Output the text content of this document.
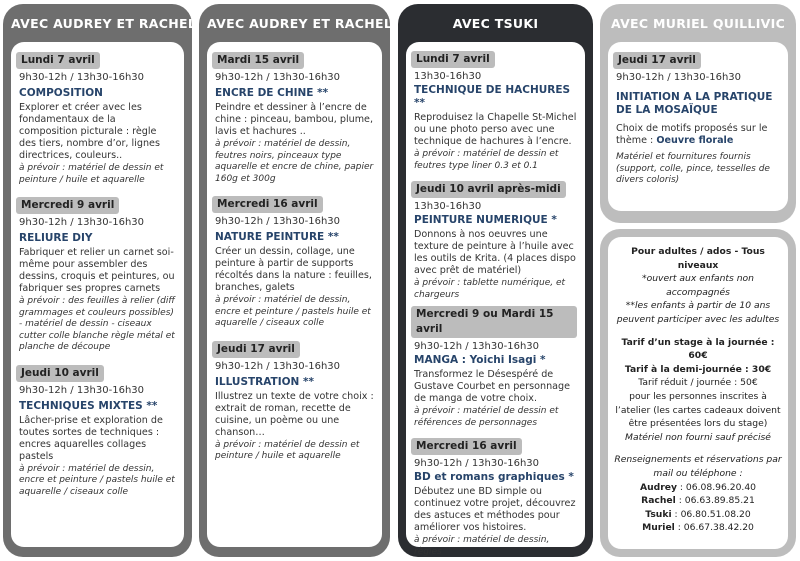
AVEC AUDREY ET RACHEL
Lundi 7 avril
9h30-12h / 13h30-16h30
COMPOSITION
Explorer et créer avec les fondamentaux de la composition picturale : règle des tiers, nombre d’or, lignes directrices, couleurs..
à prévoir : matériel de dessin et peinture / huile et aquarelle
Mercredi 9 avril
9h30-12h / 13h30-16h30
RELIURE DIY
Fabriquer et relier un carnet soi-même pour assembler des dessins, croquis et peintures, ou fabriquer ses propres carnets
à prévoir : des feuilles à relier (diff grammages et couleurs possibles) - matériel de dessin - ciseaux cutter colle blanche règle métal et planche de découpe
Jeudi 10 avril
9h30-12h / 13h30-16h30
TECHNIQUES MIXTES **
Lâcher-prise et exploration de toutes sortes de techniques : encres aquarelles collages pastels
à prévoir : matériel de dessin, encre et peinture / pastels huile et aquarelle / ciseaux colle
AVEC AUDREY ET RACHEL
Mardi 15 avril
9h30-12h / 13h30-16h30
ENCRE DE CHINE **
Peindre et dessiner à l’encre de chine : pinceau, bambou, plume, lavis et hachures ..
à prévoir : matériel de dessin, feutres noirs, pinceaux type aquarelle et encre de chine, papier 160g et 300g
Mercredi 16 avril
9h30-12h / 13h30-16h30
NATURE PEINTURE **
Créer un dessin, collage, une peinture à partir de supports récoltés dans la nature : feuilles, branches, galets
à prévoir : matériel de dessin, encre et peinture / pastels huile et aquarelle / ciseaux colle
Jeudi 17 avril
9h30-12h / 13h30-16h30
ILLUSTRATION **
Illustrez un texte de votre choix : extrait de roman, recette de cuisine, un poème ou une chanson…
à prévoir : matériel de dessin et peinture / huile et aquarelle
AVEC TSUKI
Lundi 7 avril
13h30-16h30
TECHNIQUE DE HACHURES **
Reproduisez la Chapelle St-Michel ou une photo perso avec une technique de hachures à l’encre.
à prévoir : matériel de dessin et feutres type liner 0.3 et 0.1
Jeudi 10 avril après-midi
13h30-16h30
PEINTURE NUMERIQUE *
Donnons à nos oeuvres une texture de peinture à l’huile avec les outils de Krita. (4 places dispo avec prêt de matériel)
à prévoir : tablette numérique, et chargeurs
Mercredi 9 ou Mardi 15 avril
9h30-12h / 13h30-16h30
MANGA : Yoichi Isagi *
Transformez le Désespéré de Gustave Courbet en personnage de manga de votre choix.
à prévoir : matériel de dessin et références de personnages
Mercredi 16 avril
9h30-12h / 13h30-16h30
BD et romans graphiques *
Débutez une BD simple ou continuez votre projet, découvrez des astuces et méthodes pour améliorer vos histoires.
à prévoir : matériel de dessin, règles
AVEC MURIEL QUILLIVIC
Jeudi 17 avril
9h30-12h / 13h30-16h30
INITIATION A LA PRATIQUE DE LA MOSAÏQUE
Choix de motifs proposés sur le thème : Oeuvre florale
Matériel et fournitures fournis (support, colle, pince, tesselles de divers coloris)
Pour adultes / ados - Tous niveaux
*ouvert aux enfants non accompagnés
**les enfants à partir de 10 ans peuvent participer avec les adultes
Tarif d’un stage à la journée : 60€
Tarif à la demi-journée : 30€
Tarif réduit / journée : 50€
pour les personnes inscrites à l’atelier (les cartes cadeaux doivent être présentées lors du stage)
Matériel non fourni sauf précisé
Renseignements et réservations par mail ou téléphone :
Audrey : 06.08.96.20.40
Rachel : 06.63.89.85.21
Tsuki : 06.80.51.08.20
Muriel : 06.67.38.42.20
